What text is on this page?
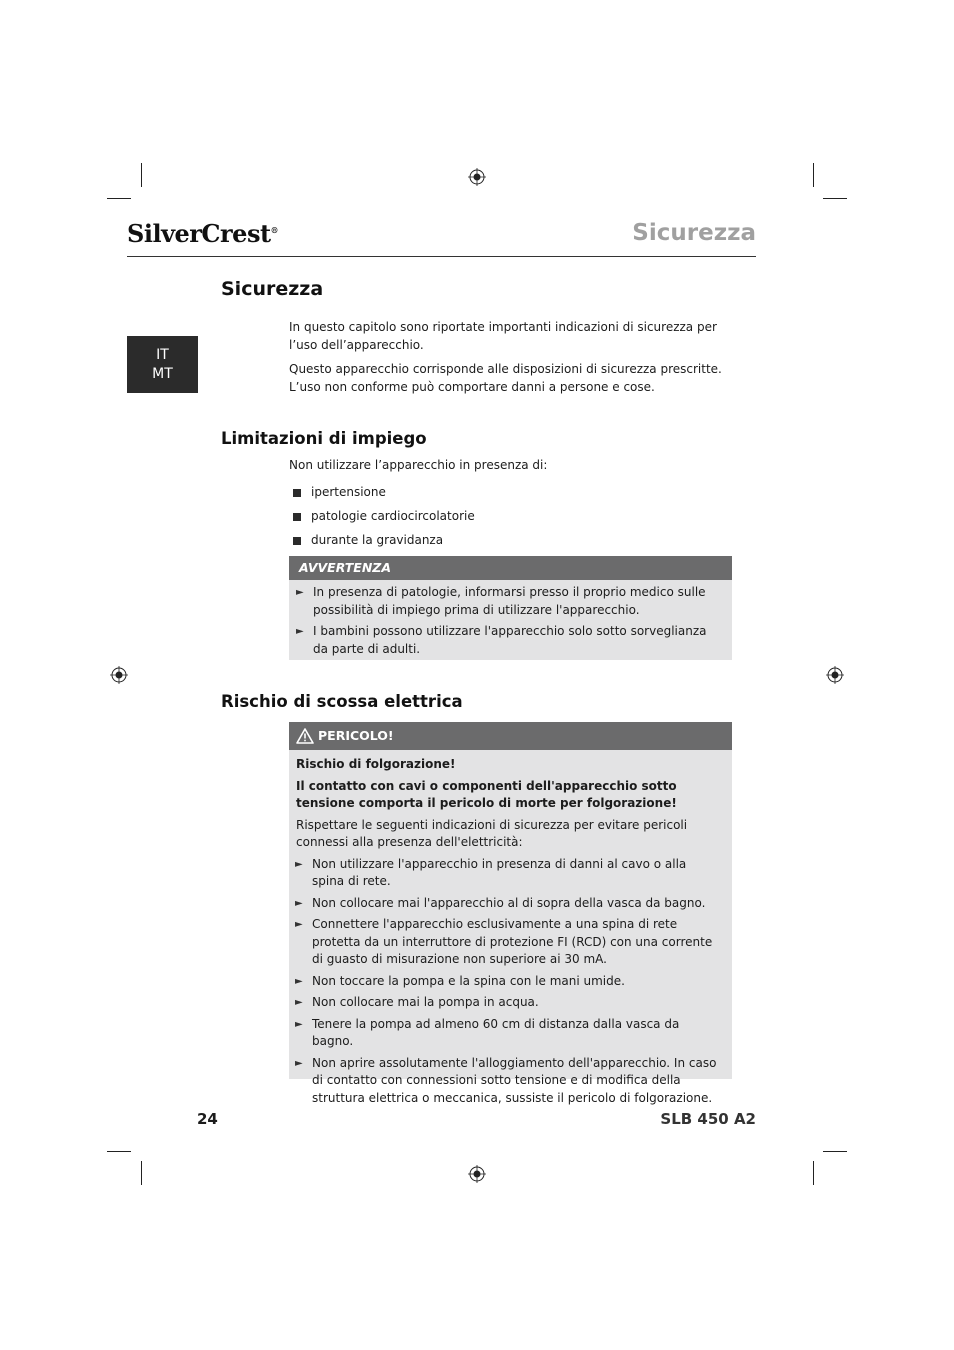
SilverCrest®	Sicurezza
IT
MT
Sicurezza
In questo capitolo sono riportate importanti indicazioni di sicurezza per l’uso dell’apparecchio.
Questo apparecchio corrisponde alle disposizioni di sicurezza prescritte. L’uso non conforme può comportare danni a persone e cose.
Limitazioni di impiego
Non utilizzare l’apparecchio in presenza di:
ipertensione
patologie cardiocircolatorie
durante la gravidanza
AVVERTENZA
► In presenza di patologie, informarsi presso il proprio medico sulle possibilità di impiego prima di utilizzare l'apparecchio.
► I bambini possono utilizzare l'apparecchio solo sotto sorveglianza da parte di adulti.
Rischio di scossa elettrica
PERICOLO!
Rischio di folgorazione!
Il contatto con cavi o componenti dell'apparecchio sotto tensione comporta il pericolo di morte per folgorazione!
Rispettare le seguenti indicazioni di sicurezza per evitare pericoli connessi alla presenza dell'elettricità:
► Non utilizzare l'apparecchio in presenza di danni al cavo o alla spina di rete.
► Non collocare mai l'apparecchio al di sopra della vasca da bagno.
► Connettere l'apparecchio esclusivamente a una spina di rete protetta da un interruttore di protezione FI (RCD) con una corrente di guasto di misurazione non superiore ai 30 mA.
► Non toccare la pompa e la spina con le mani umide.
► Non collocare mai la pompa in acqua.
► Tenere la pompa ad almeno 60 cm di distanza dalla vasca da bagno.
► Non aprire assolutamente l'alloggiamento dell'apparecchio. In caso di contatto con connessioni sotto tensione e di modifica della struttura elettrica o meccanica, sussiste il pericolo di folgorazione.
24	SLB 450 A2
